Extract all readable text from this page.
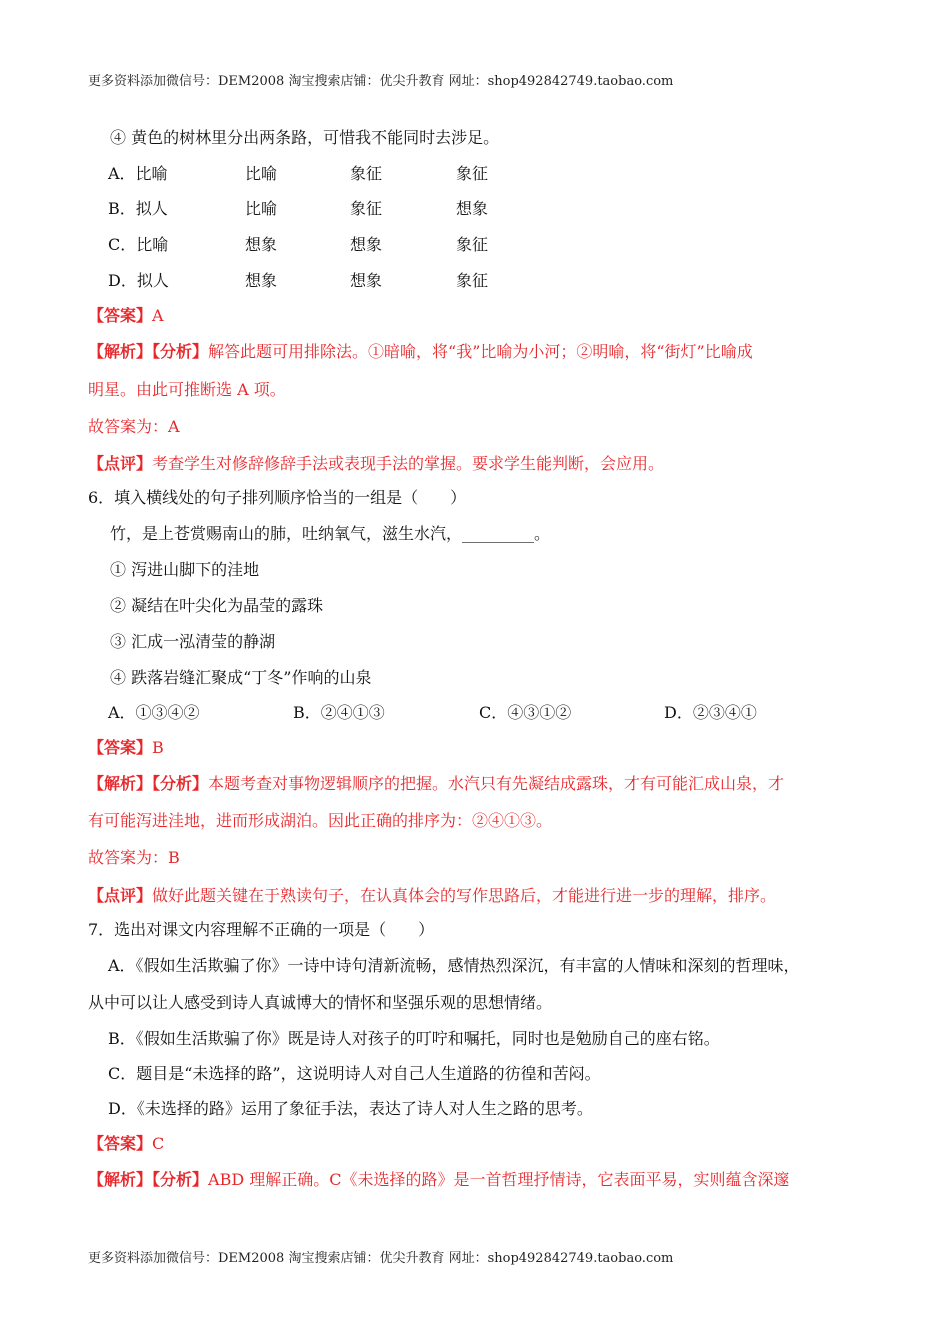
更多资料添加微信号：DEM2008 淘宝搜索店铺：优尖升教育 网址：shop492842749.taobao.com
④ 黄色的树林里分出两条路，可惜我不能同时去涉足。
A．比喻	比喻	象征	象征
B．拟人	比喻	象征	想象
C．比喻	想象	想象	象征
D．拟人	想象	想象	象征
【答案】A
【解析】【分析】解答此题可用排除法。①暗喻，将“我”比喻为小河；②明喻，将“街灯”比喻成
明星。由此可推断选 A 项。
故答案为：A
【点评】考查学生对修辞修辞手法或表现手法的掌握。要求学生能判断，会应用。
6．填入横线处的句子排列顺序恰当的一组是（　　）
竹，是上苍赏赐南山的肺，吐纳氧气，滋生水汽，_________。
① 泻进山脚下的洼地
② 凝结在叶尖化为晶莹的露珠
③ 汇成一泓清莹的静湖
④ 跌落岩缝汇聚成“丁冬”作响的山泉
A．①③④②	B．②④①③	C．④③①②	D．②③④①
【答案】B
【解析】【分析】本题考查对事物逻辑顺序的把握。水汽只有先凝结成露珠，才有可能汇成山泉，才
有可能泻进洼地，进而形成湖泊。因此正确的排序为：②④①③。
故答案为：B
【点评】做好此题关键在于熟读句子，在认真体会的写作思路后，才能进行进一步的理解，排序。
7．选出对课文内容理解不正确的一项是（　　）
A．《假如生活欺骗了你》一诗中诗句清新流畅，感情热烈深沉，有丰富的人情味和深刻的哲理味，
从中可以让人感受到诗人真诚博大的情怀和坚强乐观的思想情绪。
B．《假如生活欺骗了你》既是诗人对孩子的叮咛和嘱托，同时也是勉励自己的座右铭。
C．题目是“未选择的路”，这说明诗人对自己人生道路的彷徨和苦闷。
D．《未选择的路》运用了象征手法，表达了诗人对人生之路的思考。
【答案】C
【解析】【分析】ABD 理解正确。C《未选择的路》是一首哲理抒情诗，它表面平易，实则蕴含深邃
更多资料添加微信号：DEM2008 淘宝搜索店铺：优尖升教育 网址：shop492842749.taobao.com
